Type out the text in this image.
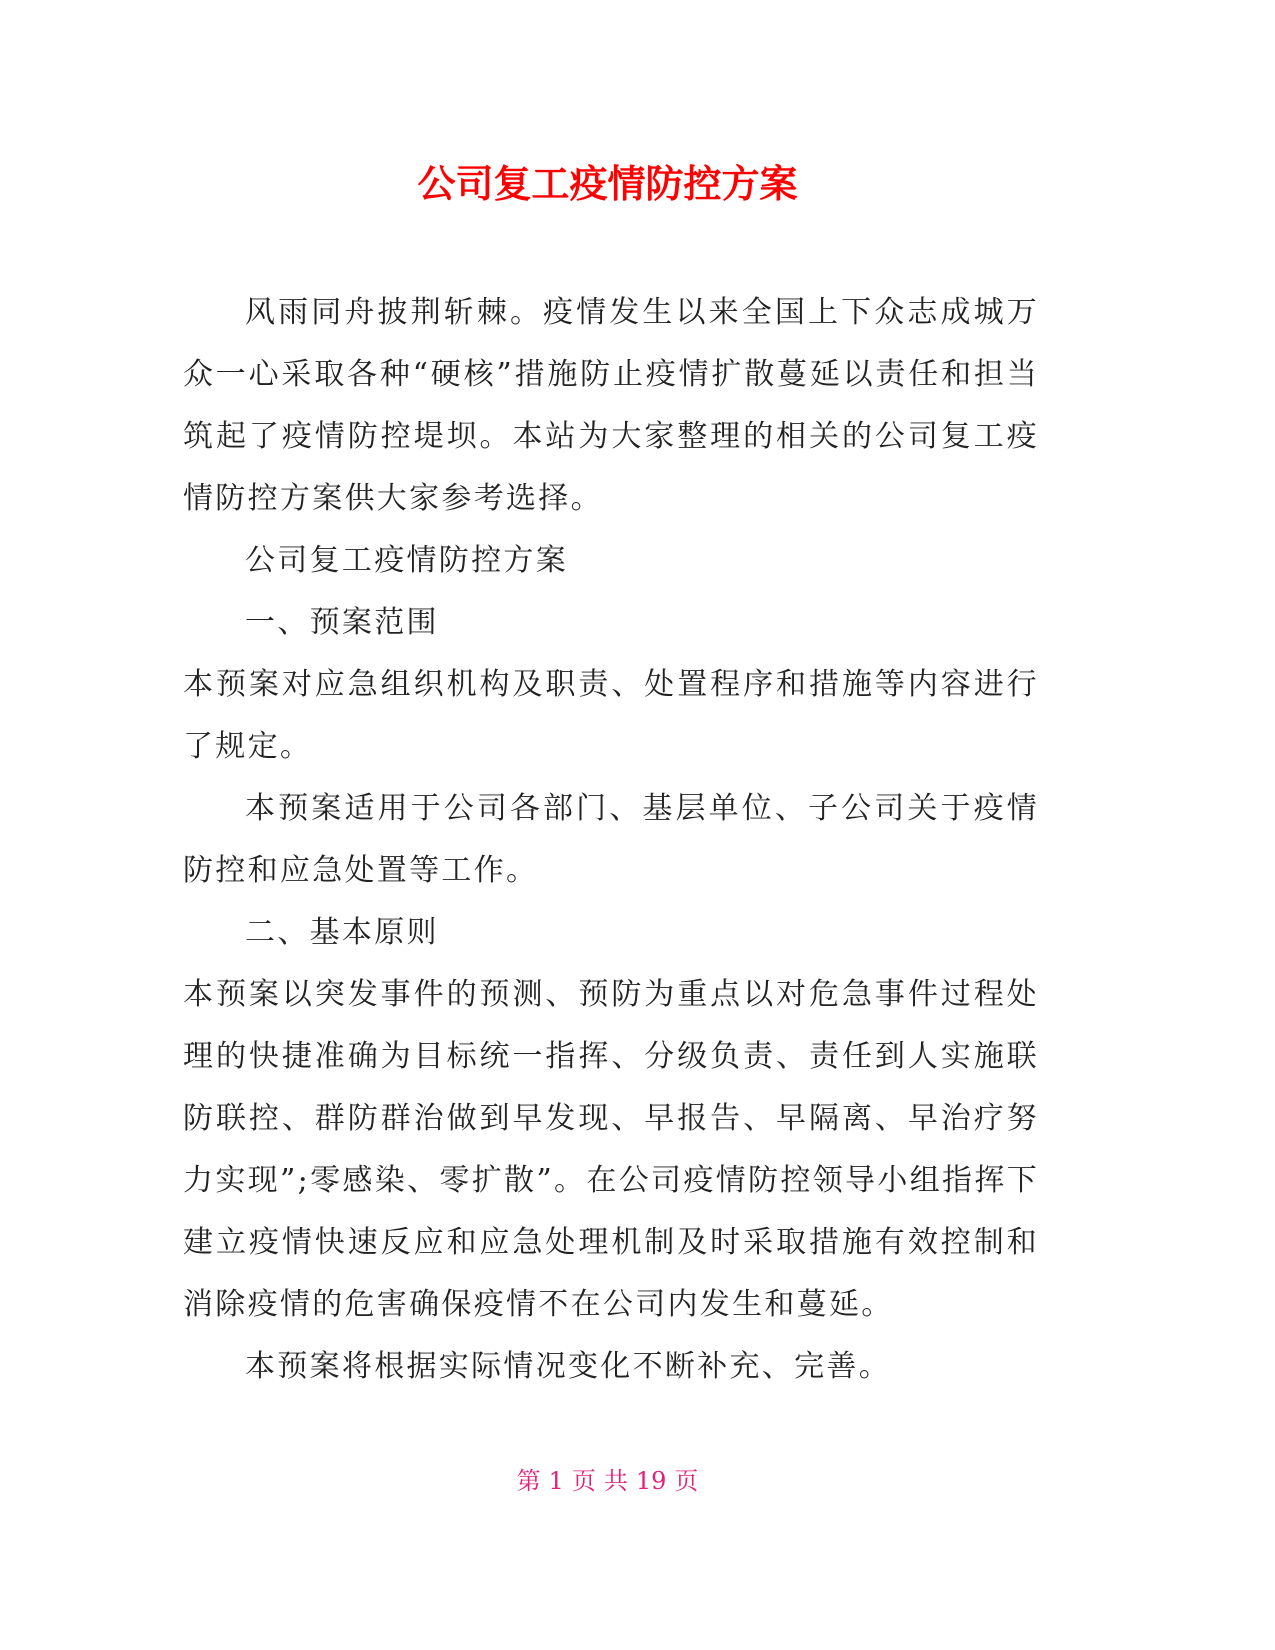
公司复工疫情防控方案

风雨同舟披荆斩棘。疫情发生以来全国上下众志成城万众一心采取各种“硬核”措施防止疫情扩散蔓延以责任和担当筑起了疫情防控堤坝。本站为大家整理的相关的公司复工疫情防控方案供大家参考选择。

公司复工疫情防控方案

一、预案范围

本预案对应急组织机构及职责、处置程序和措施等内容进行了规定。

本预案适用于公司各部门、基层单位、子公司关于疫情防控和应急处置等工作。

二、基本原则

本预案以突发事件的预测、预防为重点以对危急事件过程处理的快捷准确为目标统一指挥、分级负责、责任到人实施联防联控、群防群治做到早发现、早报告、早隔离、早治疗努力实现”;零感染、零扩散”。在公司疫情防控领导小组指挥下建立疫情快速反应和应急处理机制及时采取措施有效控制和消除疫情的危害确保疫情不在公司内发生和蔓延。

本预案将根据实际情况变化不断补充、完善。

第 1 页 共 19 页
